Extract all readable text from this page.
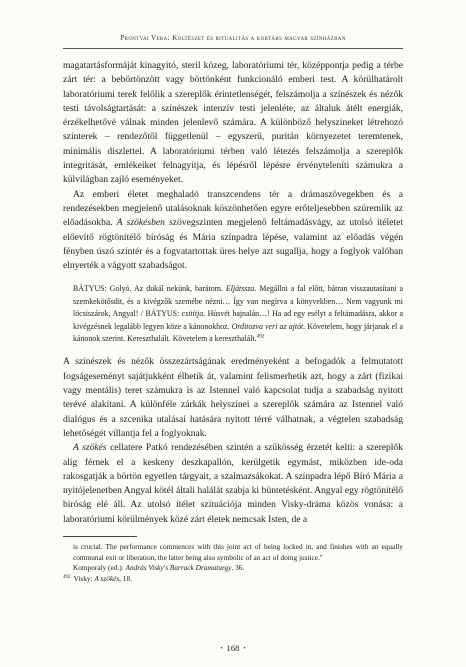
Prontvai Vera: Költészet és ritualitás a kortárs magyar színházban

magatartásformáját kinagyító, steril közeg, laboratóriumi tér, középpontja pedig a térbe zárt tér: a bebörtönzött vagy börtönként funkcionáló emberi test. A körülhatárolt laboratóriumi terek felőlik a szereplők érintetlenségét, felszámolja a színészek és nézők testi távolságtartását: a színészek intenzív testi jelenléte, az általuk átélt energiák, érzékelhetővé válnak minden jelenlevő számára. A különböző helyszíneket létrehozó színterek – rendezőtől függetlenül – egyszerű, puritán környezetet teremtenek, minimális díszlettel. A laboratóriumi térben való létezés felszámolja a szereplők integritását, emlékeiket felnagyítja, és lépésről lépésre érvényteleníti számukra a külvilágban zajló eseményeket.

Az emberi életet meghaladó transzcendens tér a drámaszövegekben és a rendezésekben megjelenő utalásoknak köszönhetően egyre erőteljesebben szüremlik az előadásokba. A szökésben szövegszinten megjelenő feltámadásvágy, az utolsó ítéletet előevítő rögtönítélő bíróság és Mária színpadra lépése, valamint az előadás végén fényben úszó színtér és a fogvatartottak üres helye azt sugallja, hogy a foglyok valóban elnyerték a vágyott szabadságot.

BÁTYUS: Golyó. Az dukál nekünk, barátom. Eljátssza. Megállni a fal előtt, bátran visszautasítani a szemkekötősdit, és a kivégzők szemébe nézni… Így van megírva a könyvekben… Nem vagyunk mi lócsiszárok, Angyal! / BÁTYUS: csitítja. Húsvét hajnalán…! Ha ad egy esélyt a feltámadásra, akkor a kivégzésnek legalább legyen köze a kánonokhoz. Orditozva veri az ajtót. Követelem, hogy járjanak el a kánonok szerint. Kereszthalált. Követelem a kereszthalált.$^{492}$

A színészek és nézők összezártságának eredményeként a befogadók a felmutatott fogságeseményt sajátjukként élhetik át, valamint felismerhetik azt, hogy a zárt (fizikai vagy mentális) teret számukra is az Istennel való kapcsolat tudja a szabadság nyitott terévé alakítani. A különféle zárkák helyszínei a szereplők számára az Istennel való dialógus és a szcenika utalásai hatására nyitott térré válhatnak, a végtelen szabadság lehetőségét villantja fel a foglyoknak.

A szökés cellatere Patkó rendezésében szintén a szűkösség érzetét kelti: a szereplők alig férnek el a keskeny deszkapallón, kerülgetik egymást, miközben ide-oda rakosgatják a börtön egyetlen tárgyait, a szalmazsákokat. A színpadra lépő Bíró Mária a nyitójelenetben Angyal kötél általi halálát szabja ki büntetésként. Angyal egy rögtönítélő bíróság elé áll. Az utolsó ítélet szituációja minden Visky-dráma közös vonása: a laboratóriumi körülmények közé zárt életek nemcsak Isten, de a

is crucial. The performance commences with this joint act of being locked in, and finishes with an equally communal exit or liberation, the latter being also symbolic of an act of doing justice."
Komporaly (ed.): András Visky's Barrack Dramaturgy, 36.

$^{492}$ Visky: A szökés, 18.

• 168 •
